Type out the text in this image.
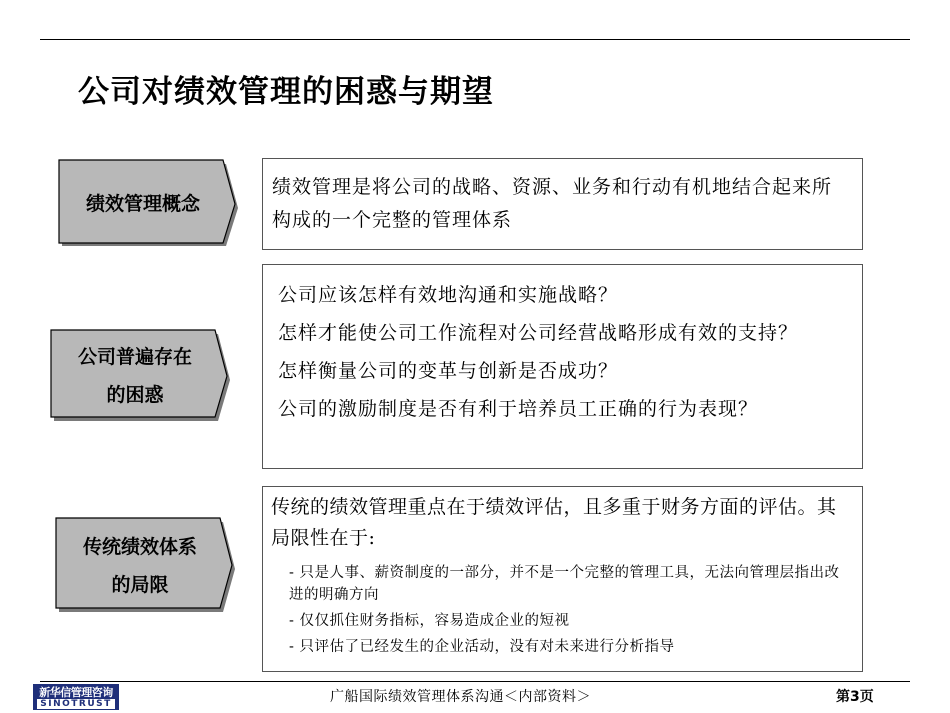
公司对绩效管理的困惑与期望
绩效管理概念

绩效管理是将公司的战略、资源、业务和行动有机地结合起来所构成的一个完整的管理体系

公司普遍存在
的困惑

公司应该怎样有效地沟通和实施战略？

怎样才能使公司工作流程对公司经营战略形成有效的支持？

怎样衡量公司的变革与创新是否成功？

公司的激励制度是否有利于培养员工正确的行为表现？

传统绩效体系
的局限

传统的绩效管理重点在于绩效评估，且多重于财务方面的评估。其局限性在于:

- 只是人事、薪资制度的一部分，并不是一个完整的管理工具，无法向管理层指出改进的明确方向

- 仅仅抓住财务指标，容易造成企业的短视

- 只评估了已经发生的企业活动，没有对未来进行分析指导

新华信管理咨询
SINOTRUST	广船国际绩效管理体系沟通＜内部资料＞	第3页
